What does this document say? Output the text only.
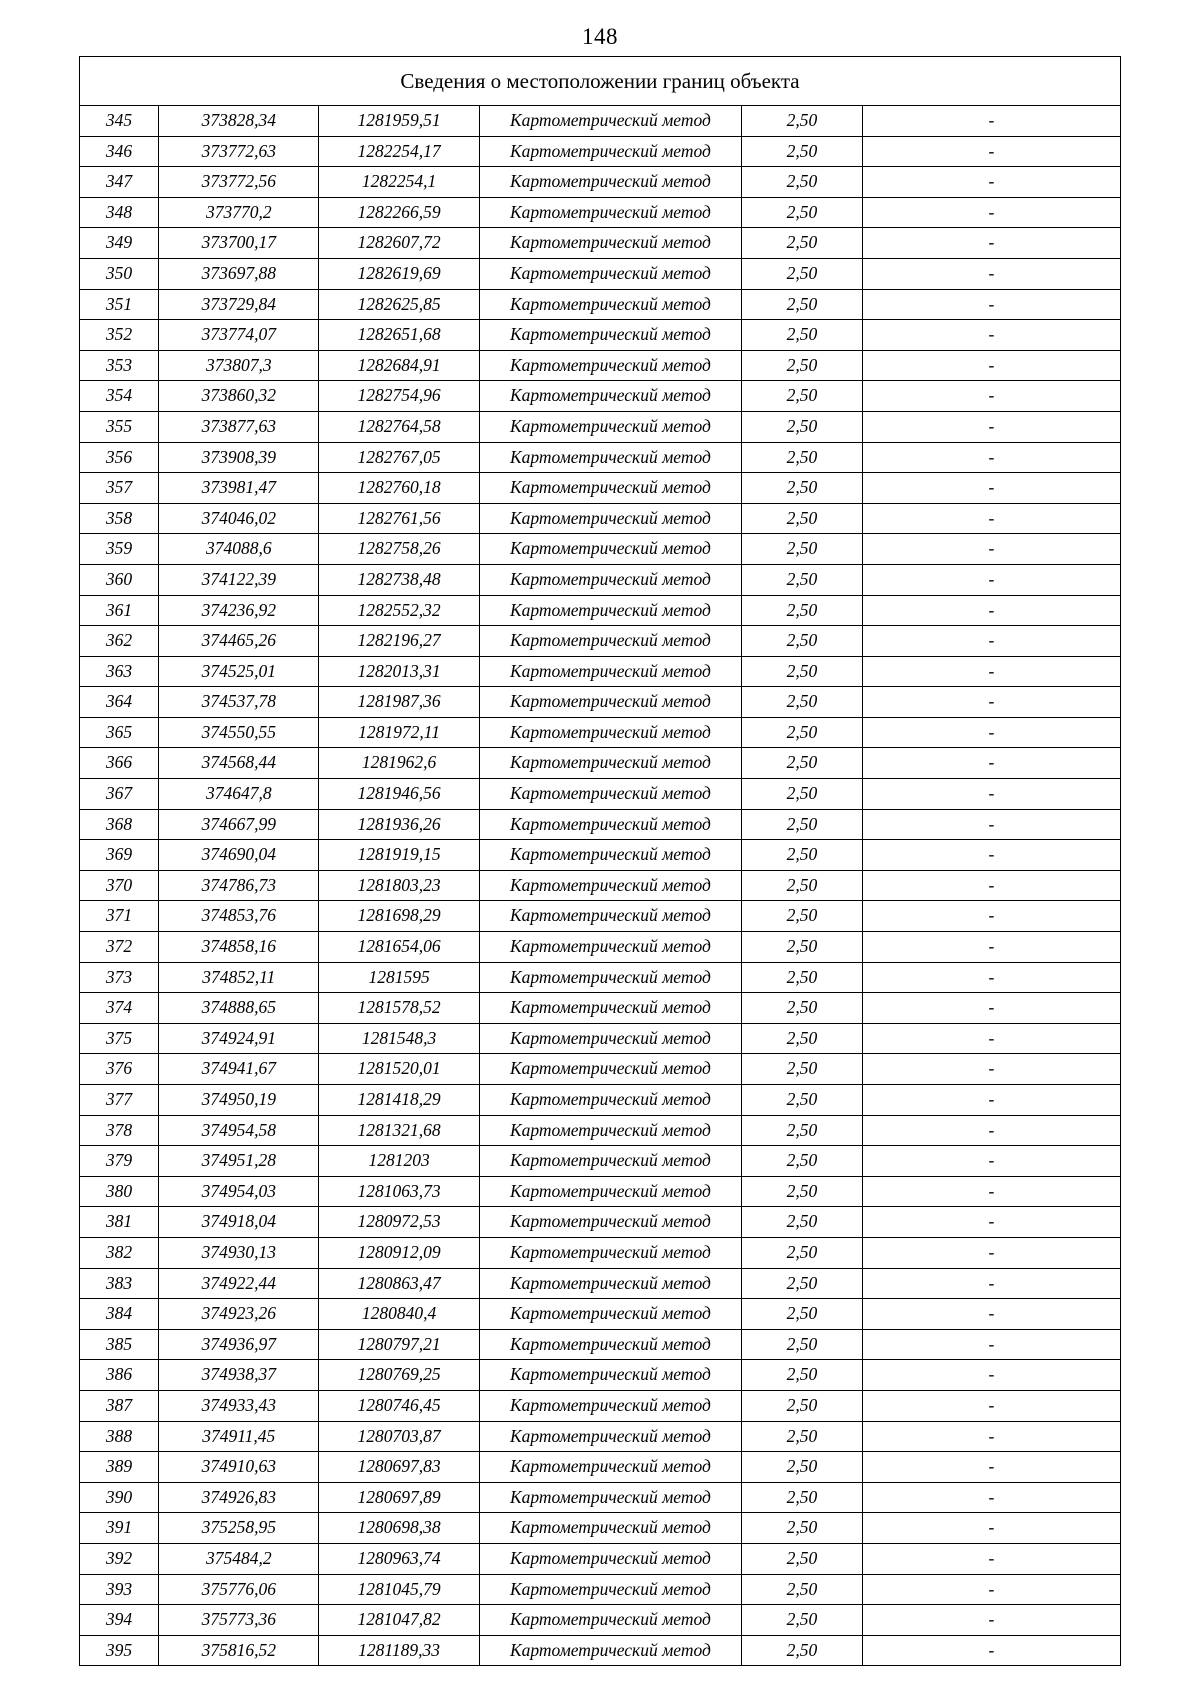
148
Сведения о местоположении границ объекта					
345	373828,34	1281959,51	Картометрический метод	2,50	-
346	373772,63	1282254,17	Картометрический метод	2,50	-
347	373772,56	1282254,1	Картометрический метод	2,50	-
348	373770,2	1282266,59	Картометрический метод	2,50	-
349	373700,17	1282607,72	Картометрический метод	2,50	-
350	373697,88	1282619,69	Картометрический метод	2,50	-
351	373729,84	1282625,85	Картометрический метод	2,50	-
352	373774,07	1282651,68	Картометрический метод	2,50	-
353	373807,3	1282684,91	Картометрический метод	2,50	-
354	373860,32	1282754,96	Картометрический метод	2,50	-
355	373877,63	1282764,58	Картометрический метод	2,50	-
356	373908,39	1282767,05	Картометрический метод	2,50	-
357	373981,47	1282760,18	Картометрический метод	2,50	-
358	374046,02	1282761,56	Картометрический метод	2,50	-
359	374088,6	1282758,26	Картометрический метод	2,50	-
360	374122,39	1282738,48	Картометрический метод	2,50	-
361	374236,92	1282552,32	Картометрический метод	2,50	-
362	374465,26	1282196,27	Картометрический метод	2,50	-
363	374525,01	1282013,31	Картометрический метод	2,50	-
364	374537,78	1281987,36	Картометрический метод	2,50	-
365	374550,55	1281972,11	Картометрический метод	2,50	-
366	374568,44	1281962,6	Картометрический метод	2,50	-
367	374647,8	1281946,56	Картометрический метод	2,50	-
368	374667,99	1281936,26	Картометрический метод	2,50	-
369	374690,04	1281919,15	Картометрический метод	2,50	-
370	374786,73	1281803,23	Картометрический метод	2,50	-
371	374853,76	1281698,29	Картометрический метод	2,50	-
372	374858,16	1281654,06	Картометрический метод	2,50	-
373	374852,11	1281595	Картометрический метод	2,50	-
374	374888,65	1281578,52	Картометрический метод	2,50	-
375	374924,91	1281548,3	Картометрический метод	2,50	-
376	374941,67	1281520,01	Картометрический метод	2,50	-
377	374950,19	1281418,29	Картометрический метод	2,50	-
378	374954,58	1281321,68	Картометрический метод	2,50	-
379	374951,28	1281203	Картометрический метод	2,50	-
380	374954,03	1281063,73	Картометрический метод	2,50	-
381	374918,04	1280972,53	Картометрический метод	2,50	-
382	374930,13	1280912,09	Картометрический метод	2,50	-
383	374922,44	1280863,47	Картометрический метод	2,50	-
384	374923,26	1280840,4	Картометрический метод	2,50	-
385	374936,97	1280797,21	Картометрический метод	2,50	-
386	374938,37	1280769,25	Картометрический метод	2,50	-
387	374933,43	1280746,45	Картометрический метод	2,50	-
388	374911,45	1280703,87	Картометрический метод	2,50	-
389	374910,63	1280697,83	Картометрический метод	2,50	-
390	374926,83	1280697,89	Картометрический метод	2,50	-
391	375258,95	1280698,38	Картометрический метод	2,50	-
392	375484,2	1280963,74	Картометрический метод	2,50	-
393	375776,06	1281045,79	Картометрический метод	2,50	-
394	375773,36	1281047,82	Картометрический метод	2,50	-
395	375816,52	1281189,33	Картометрический метод	2,50	-
